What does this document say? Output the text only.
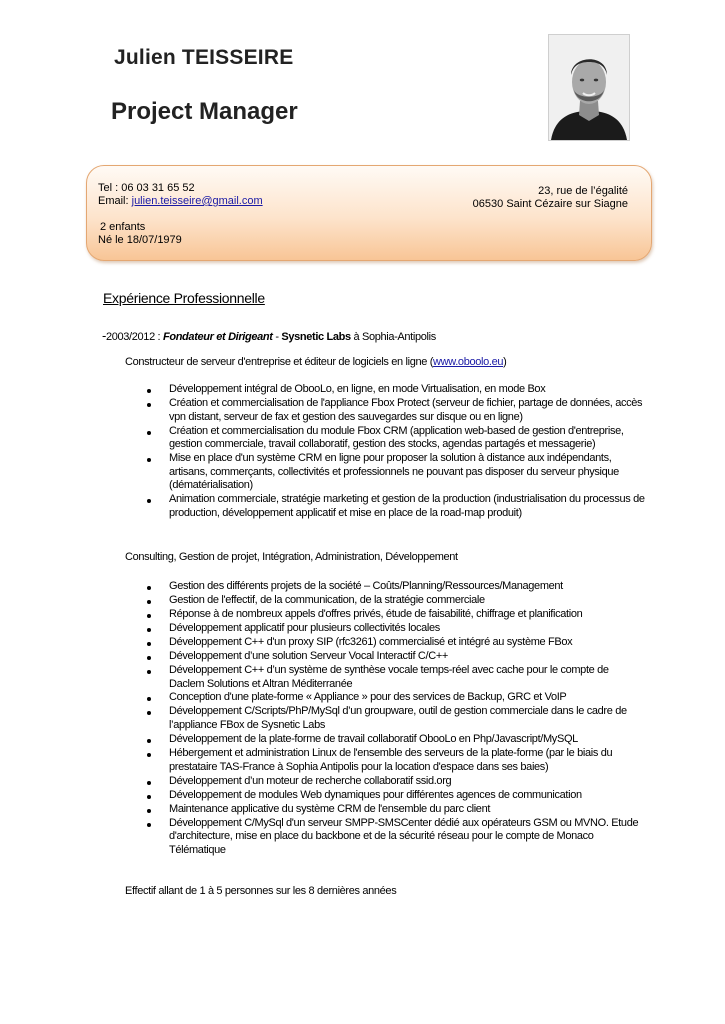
Julien TEISSEIRE
Project Manager
Tel : 06 03 31 65 52
Email: julien.teisseire@gmail.com
2 enfants
Né le 18/07/1979
23, rue de l’égalité
06530 Saint Cézaire sur Siagne
Expérience Professionnelle
-2003/2012 : Fondateur et Dirigeant - Sysnetic Labs à Sophia-Antipolis
Constructeur de serveur d'entreprise et éditeur de logiciels en ligne (www.oboolo.eu)
Développement intégral de ObooLo, en ligne, en mode Virtualisation, en mode Box
Création et commercialisation de l'appliance Fbox Protect (serveur de fichier, partage de données, accès vpn distant, serveur de fax et gestion des sauvegardes sur disque ou en ligne)
Création et commercialisation du module Fbox CRM (application web-based de gestion d'entreprise, gestion commerciale, travail collaboratif, gestion des stocks, agendas partagés et messagerie)
Mise en place d'un système CRM en ligne pour proposer la solution à distance aux indépendants, artisans, commerçants, collectivités et professionnels ne pouvant pas disposer du serveur physique (dématérialisation)
Animation commerciale, stratégie marketing et gestion de la production (industrialisation du processus de production, développement applicatif et mise en place de la road-map produit)
Consulting, Gestion de projet, Intégration, Administration, Développement
Gestion des différents projets de la société – Coûts/Planning/Ressources/Management
Gestion de l'effectif, de la communication, de la stratégie commerciale
Réponse à de nombreux appels d'offres privés, étude de faisabilité, chiffrage et planification
Développement applicatif pour plusieurs collectivités locales
Développement C++ d'un proxy SIP (rfc3261) commercialisé et intégré au système FBox
Développement d’une solution Serveur Vocal Interactif C/C++
Développement C++ d’un système de synthèse vocale temps-réel avec cache pour le compte de Daclem Solutions et Altran Méditerranée
Conception d'une plate-forme « Appliance » pour des services de Backup, GRC et VoIP
Développement C/Scripts/PhP/MySql d’un groupware, outil de gestion commerciale dans le cadre de l’appliance FBox de Sysnetic Labs
Développement de la plate-forme de travail collaboratif ObooLo en Php/Javascript/MySQL
Hébergement et administration Linux de l'ensemble des serveurs de la plate-forme (par le biais du prestataire TAS-France à Sophia Antipolis pour la location d'espace dans ses baies)
Développement d’un moteur de recherche collaboratif ssid.org
Développement de modules Web dynamiques pour différentes agences de communication
Maintenance applicative du système CRM de l'ensemble du parc client
Développement C/MySql d'un serveur SMPP-SMSCenter dédié aux opérateurs GSM ou MVNO. Etude d'architecture, mise en place du backbone et de la sécurité réseau pour le compte de Monaco Télématique
Effectif allant de 1 à 5 personnes sur les 8 dernières années
